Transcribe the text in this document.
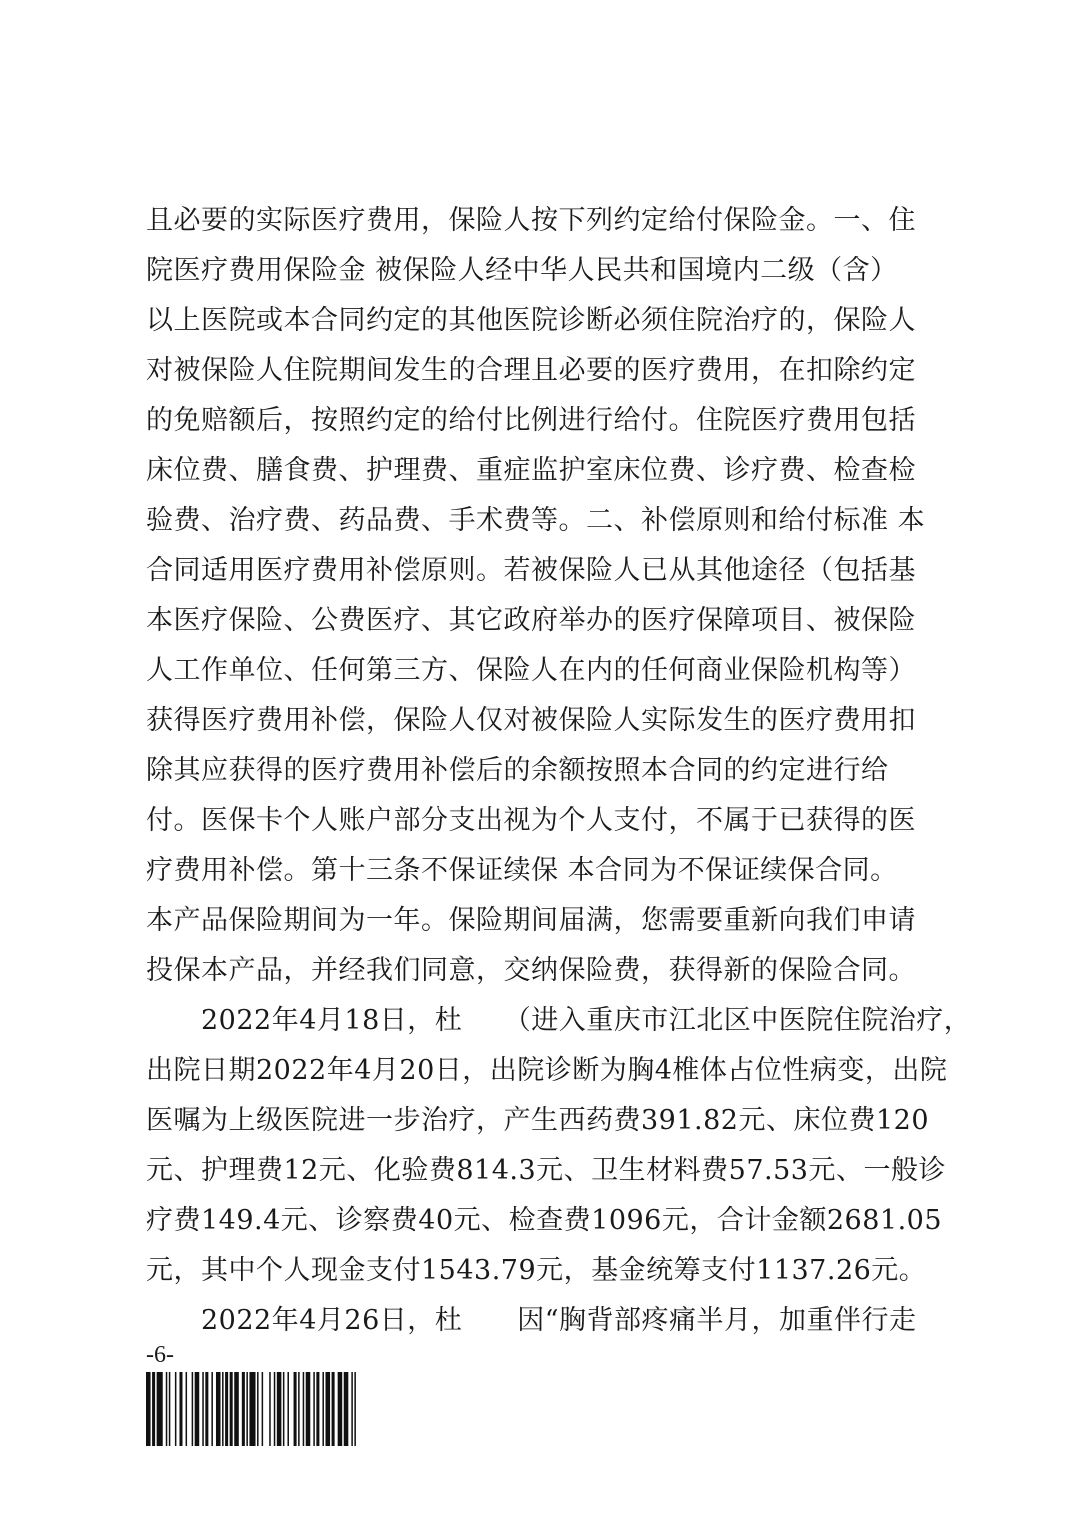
且必要的实际医疗费用，保险人按下列约定给付保险金。一、住
院医疗费用保险金 被保险人经中华人民共和国境内二级（含）
以上医院或本合同约定的其他医院诊断必须住院治疗的，保险人
对被保险人住院期间发生的合理且必要的医疗费用，在扣除约定
的免赔额后，按照约定的给付比例进行给付。住院医疗费用包括
床位费、膳食费、护理费、重症监护室床位费、诊疗费、检查检
验费、治疗费、药品费、手术费等。二、补偿原则和给付标准 本
合同适用医疗费用补偿原则。若被保险人已从其他途径（包括基
本医疗保险、公费医疗、其它政府举办的医疗保障项目、被保险
人工作单位、任何第三方、保险人在内的任何商业保险机构等）
获得医疗费用补偿，保险人仅对被保险人实际发生的医疗费用扣
除其应获得的医疗费用补偿后的余额按照本合同的约定进行给
付。医保卡个人账户部分支出视为个人支付，不属于已获得的医
疗费用补偿。第十三条不保证续保 本合同为不保证续保合同。
本产品保险期间为一年。保险期间届满，您需要重新向我们申请
投保本产品，并经我们同意，交纳保险费，获得新的保险合同。
　　2022年4月18日，杜　　（进入重庆市江北区中医院住院治疗，
出院日期2022年4月20日，出院诊断为胸4椎体占位性病变，出院
医嘱为上级医院进一步治疗，产生西药费391.82元、床位费120
元、护理费12元、化验费814.3元、卫生材料费57.53元、一般诊
疗费149.4元、诊察费40元、检查费1096元，合计金额2681.05
元，其中个人现金支付1543.79元，基金统筹支付1137.26元。
　　2022年4月26日，杜　　因“胸背部疼痛半月，加重伴行走
-6-
